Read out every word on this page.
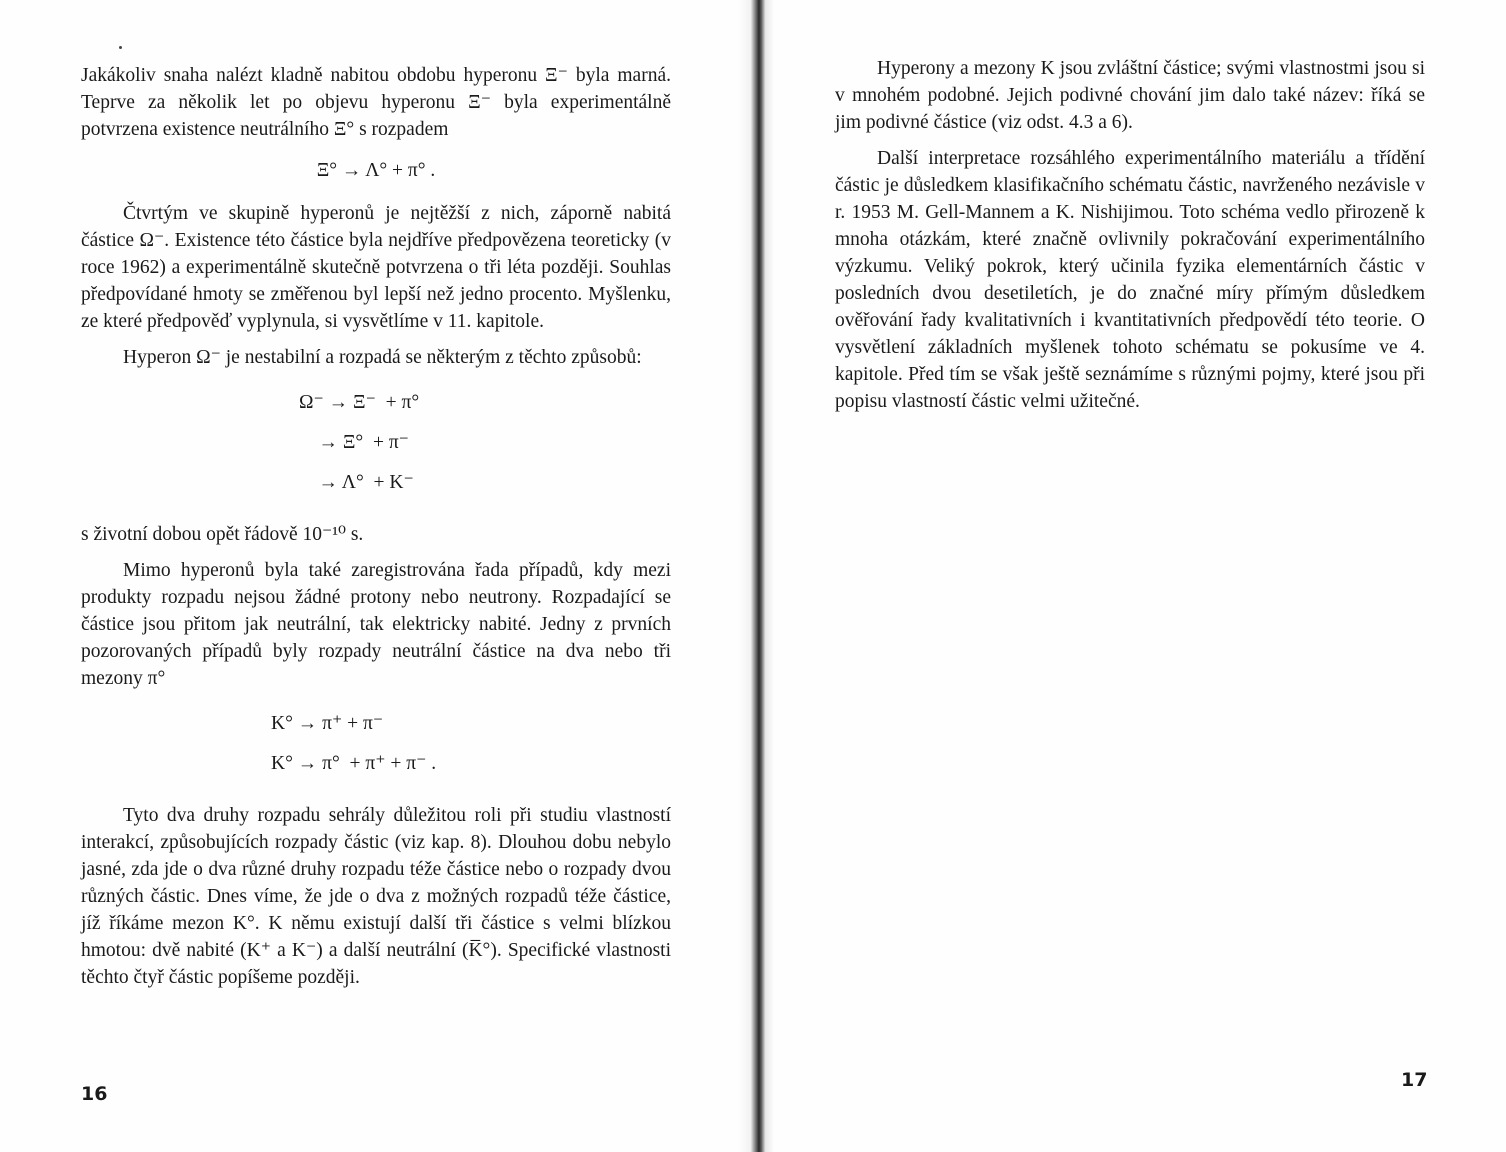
Jakákoliv snaha nalézt kladně nabitou obdobu hyperonu Ξ⁻ byla marná. Teprve za několik let po objevu hyperonu Ξ⁻ byla experimentálně potvrzena existence neutrálního Ξ° s rozpadem

Ξ° → Λ° + π° .

Čtvrtým ve skupině hyperonů je nejtěžší z nich, záporně nabitá částice Ω⁻. Existence této částice byla nejdříve předpovězena teoreticky (v roce 1962) a experimentálně skutečně potvrzena o tři léta později. Souhlas předpovídané hmoty se změřenou byl lepší než jedno procento. Myšlenku, ze které předpověď vyplynula, si vysvětlíme v 11. kapitole.

Hyperon Ω⁻ je nestabilní a rozpadá se některým z těchto způsobů:

Ω⁻ → Ξ⁻  + π°
→ Ξ°  + π⁻
→ Λ°  + K⁻

s životní dobou opět řádově 10⁻¹⁰ s.

Mimo hyperonů byla také zaregistrována řada případů, kdy mezi produkty rozpadu nejsou žádné protony nebo neutrony. Rozpadající se částice jsou přitom jak neutrální, tak elektricky nabité. Jedny z prvních pozorovaných případů byly rozpady neutrální částice na dva nebo tři mezony π°

K° → π⁺ + π⁻
K° → π°  + π⁺ + π⁻ .

Tyto dva druhy rozpadu sehrály důležitou roli při studiu vlastností interakcí, způsobujících rozpady částic (viz kap. 8). Dlouhou dobu nebylo jasné, zda jde o dva různé druhy rozpadu téže částice nebo o rozpady dvou různých částic. Dnes víme, že jde o dva z možných rozpadů téže částice, jíž říkáme mezon K°. K němu existují další tři částice s velmi blízkou hmotou: dvě nabité (K⁺ a K⁻) a další neutrální (K̅°). Specifické vlastnosti těchto čtyř částic popíšeme později.

16

Hyperony a mezony K jsou zvláštní částice; svými vlastnostmi jsou si v mnohém podobné. Jejich podivné chování jim dalo také název: říká se jim podivné částice (viz odst. 4.3 a 6).

Další interpretace rozsáhlého experimentálního materiálu a třídění částic je důsledkem klasifikačního schématu částic, navrženého nezávisle v r. 1953 M. Gell-Mannem a K. Nishijimou. Toto schéma vedlo přirozeně k mnoha otázkám, které značně ovlivnily pokračování experimentálního výzkumu. Veliký pokrok, který učinila fyzika elementárních částic v posledních dvou desetiletích, je do značné míry přímým důsledkem ověřování řady kvalitativních i kvantitativních předpovědí této teorie. O vysvětlení základních myšlenek tohoto schématu se pokusíme ve 4. kapitole. Před tím se však ještě seznámíme s různými pojmy, které jsou při popisu vlastností částic velmi užitečné.

17
